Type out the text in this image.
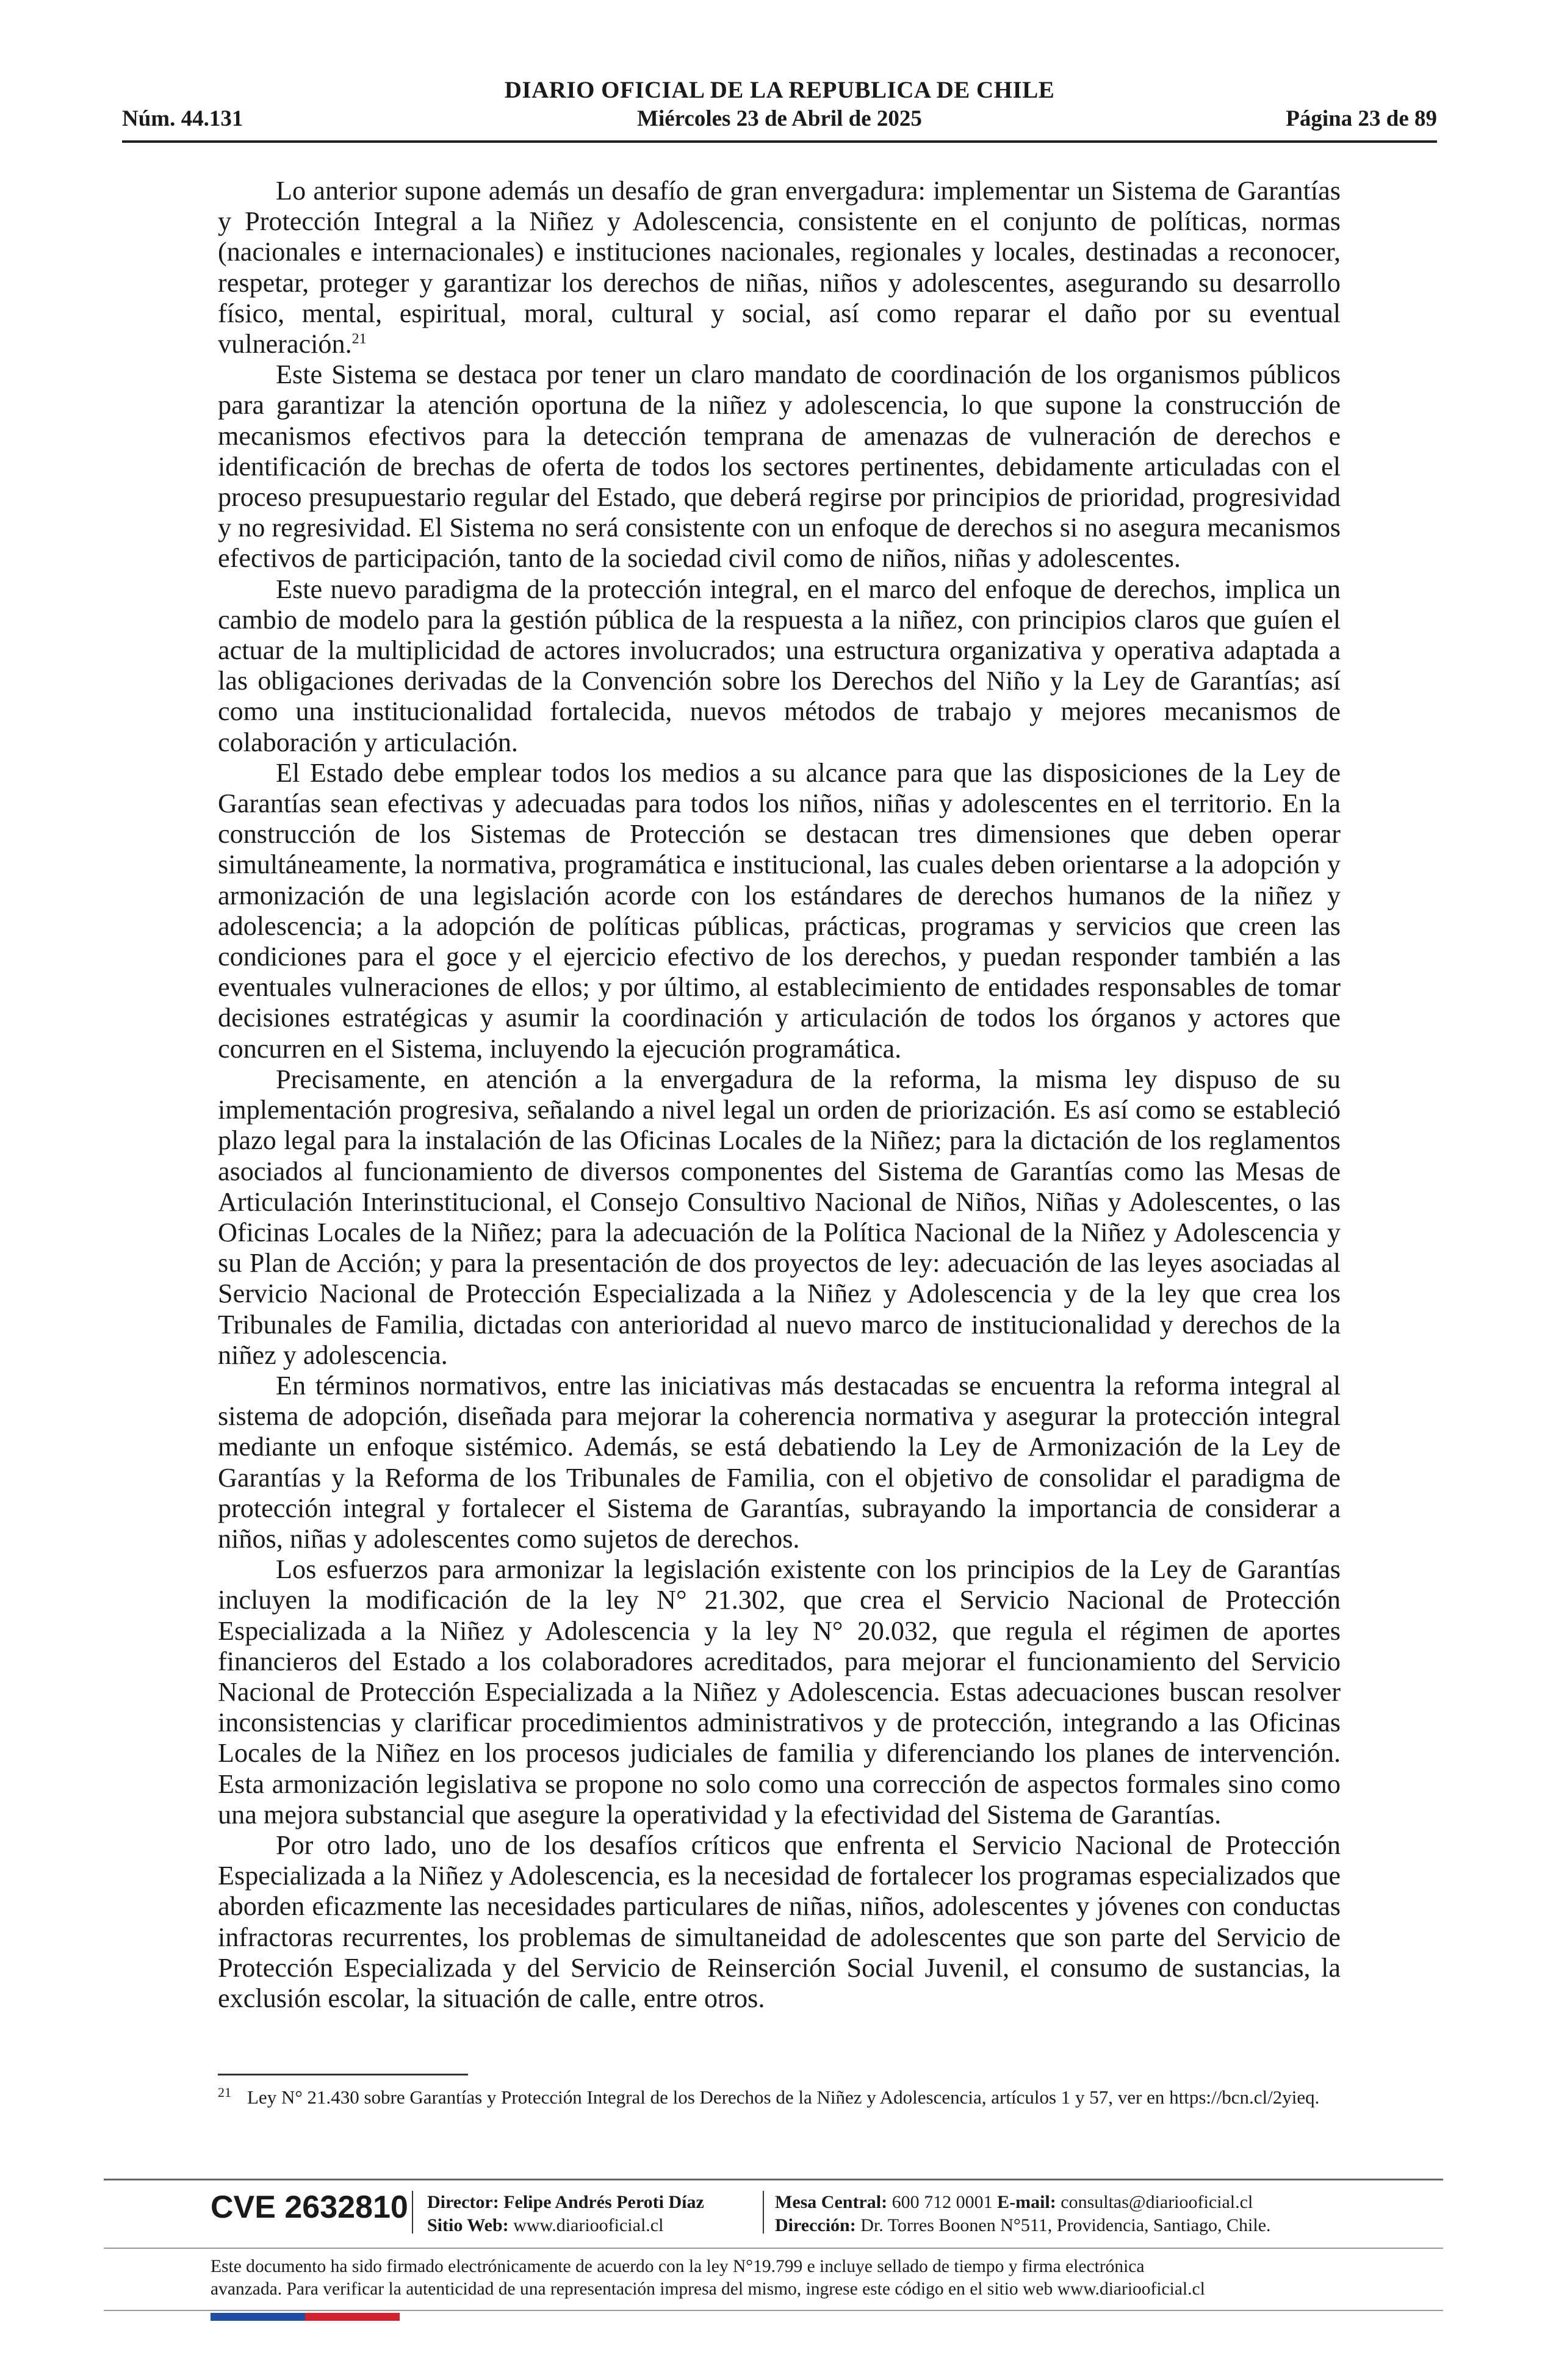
DIARIO OFICIAL DE LA REPUBLICA DE CHILE
Núm. 44.131	Miércoles 23 de Abril de 2025	Página 23 de 89

Lo anterior supone además un desafío de gran envergadura: implementar un Sistema de Garantías y Protección Integral a la Niñez y Adolescencia, consistente en el conjunto de políticas, normas (nacionales e internacionales) e instituciones nacionales, regionales y locales, destinadas a reconocer, respetar, proteger y garantizar los derechos de niñas, niños y adolescentes, asegurando su desarrollo físico, mental, espiritual, moral, cultural y social, así como reparar el daño por su eventual vulneración.$^{21}$

Este Sistema se destaca por tener un claro mandato de coordinación de los organismos públicos para garantizar la atención oportuna de la niñez y adolescencia, lo que supone la construcción de mecanismos efectivos para la detección temprana de amenazas de vulneración de derechos e identificación de brechas de oferta de todos los sectores pertinentes, debidamente articuladas con el proceso presupuestario regular del Estado, que deberá regirse por principios de prioridad, progresividad y no regresividad. El Sistema no será consistente con un enfoque de derechos si no asegura mecanismos efectivos de participación, tanto de la sociedad civil como de niños, niñas y adolescentes.

Este nuevo paradigma de la protección integral, en el marco del enfoque de derechos, implica un cambio de modelo para la gestión pública de la respuesta a la niñez, con principios claros que guíen el actuar de la multiplicidad de actores involucrados; una estructura organizativa y operativa adaptada a las obligaciones derivadas de la Convención sobre los Derechos del Niño y la Ley de Garantías; así como una institucionalidad fortalecida, nuevos métodos de trabajo y mejores mecanismos de colaboración y articulación.

El Estado debe emplear todos los medios a su alcance para que las disposiciones de la Ley de Garantías sean efectivas y adecuadas para todos los niños, niñas y adolescentes en el territorio. En la construcción de los Sistemas de Protección se destacan tres dimensiones que deben operar simultáneamente, la normativa, programática e institucional, las cuales deben orientarse a la adopción y armonización de una legislación acorde con los estándares de derechos humanos de la niñez y adolescencia; a la adopción de políticas públicas, prácticas, programas y servicios que creen las condiciones para el goce y el ejercicio efectivo de los derechos, y puedan responder también a las eventuales vulneraciones de ellos; y por último, al establecimiento de entidades responsables de tomar decisiones estratégicas y asumir la coordinación y articulación de todos los órganos y actores que concurren en el Sistema, incluyendo la ejecución programática.

Precisamente, en atención a la envergadura de la reforma, la misma ley dispuso de su implementación progresiva, señalando a nivel legal un orden de priorización. Es así como se estableció plazo legal para la instalación de las Oficinas Locales de la Niñez; para la dictación de los reglamentos asociados al funcionamiento de diversos componentes del Sistema de Garantías como las Mesas de Articulación Interinstitucional, el Consejo Consultivo Nacional de Niños, Niñas y Adolescentes, o las Oficinas Locales de la Niñez; para la adecuación de la Política Nacional de la Niñez y Adolescencia y su Plan de Acción; y para la presentación de dos proyectos de ley: adecuación de las leyes asociadas al Servicio Nacional de Protección Especializada a la Niñez y Adolescencia y de la ley que crea los Tribunales de Familia, dictadas con anterioridad al nuevo marco de institucionalidad y derechos de la niñez y adolescencia.

En términos normativos, entre las iniciativas más destacadas se encuentra la reforma integral al sistema de adopción, diseñada para mejorar la coherencia normativa y asegurar la protección integral mediante un enfoque sistémico. Además, se está debatiendo la Ley de Armonización de la Ley de Garantías y la Reforma de los Tribunales de Familia, con el objetivo de consolidar el paradigma de protección integral y fortalecer el Sistema de Garantías, subrayando la importancia de considerar a niños, niñas y adolescentes como sujetos de derechos.

Los esfuerzos para armonizar la legislación existente con los principios de la Ley de Garantías incluyen la modificación de la ley N° 21.302, que crea el Servicio Nacional de Protección Especializada a la Niñez y Adolescencia y la ley N° 20.032, que regula el régimen de aportes financieros del Estado a los colaboradores acreditados, para mejorar el funcionamiento del Servicio Nacional de Protección Especializada a la Niñez y Adolescencia. Estas adecuaciones buscan resolver inconsistencias y clarificar procedimientos administrativos y de protección, integrando a las Oficinas Locales de la Niñez en los procesos judiciales de familia y diferenciando los planes de intervención. Esta armonización legislativa se propone no solo como una corrección de aspectos formales sino como una mejora substancial que asegure la operatividad y la efectividad del Sistema de Garantías.

Por otro lado, uno de los desafíos críticos que enfrenta el Servicio Nacional de Protección Especializada a la Niñez y Adolescencia, es la necesidad de fortalecer los programas especializados que aborden eficazmente las necesidades particulares de niñas, niños, adolescentes y jóvenes con conductas infractoras recurrentes, los problemas de simultaneidad de adolescentes que son parte del Servicio de Protección Especializada y del Servicio de Reinserción Social Juvenil, el consumo de sustancias, la exclusión escolar, la situación de calle, entre otros.

$^{21}$ Ley N° 21.430 sobre Garantías y Protección Integral de los Derechos de la Niñez y Adolescencia, artículos 1 y 57, ver en https://bcn.cl/2yieq.
CVE 2632810 Director: Felipe Andrés Peroti Díaz
Sitio Web: www.diariooficial.cl
Mesa Central: 600 712 0001 E-mail: consultas@diariooficial.cl
Dirección: Dr. Torres Boonen N°511, Providencia, Santiago, Chile.
Este documento ha sido firmado electrónicamente de acuerdo con la ley N°19.799 e incluye sellado de tiempo y firma electrónica
avanzada. Para verificar la autenticidad de una representación impresa del mismo, ingrese este código en el sitio web www.diariooficial.cl
